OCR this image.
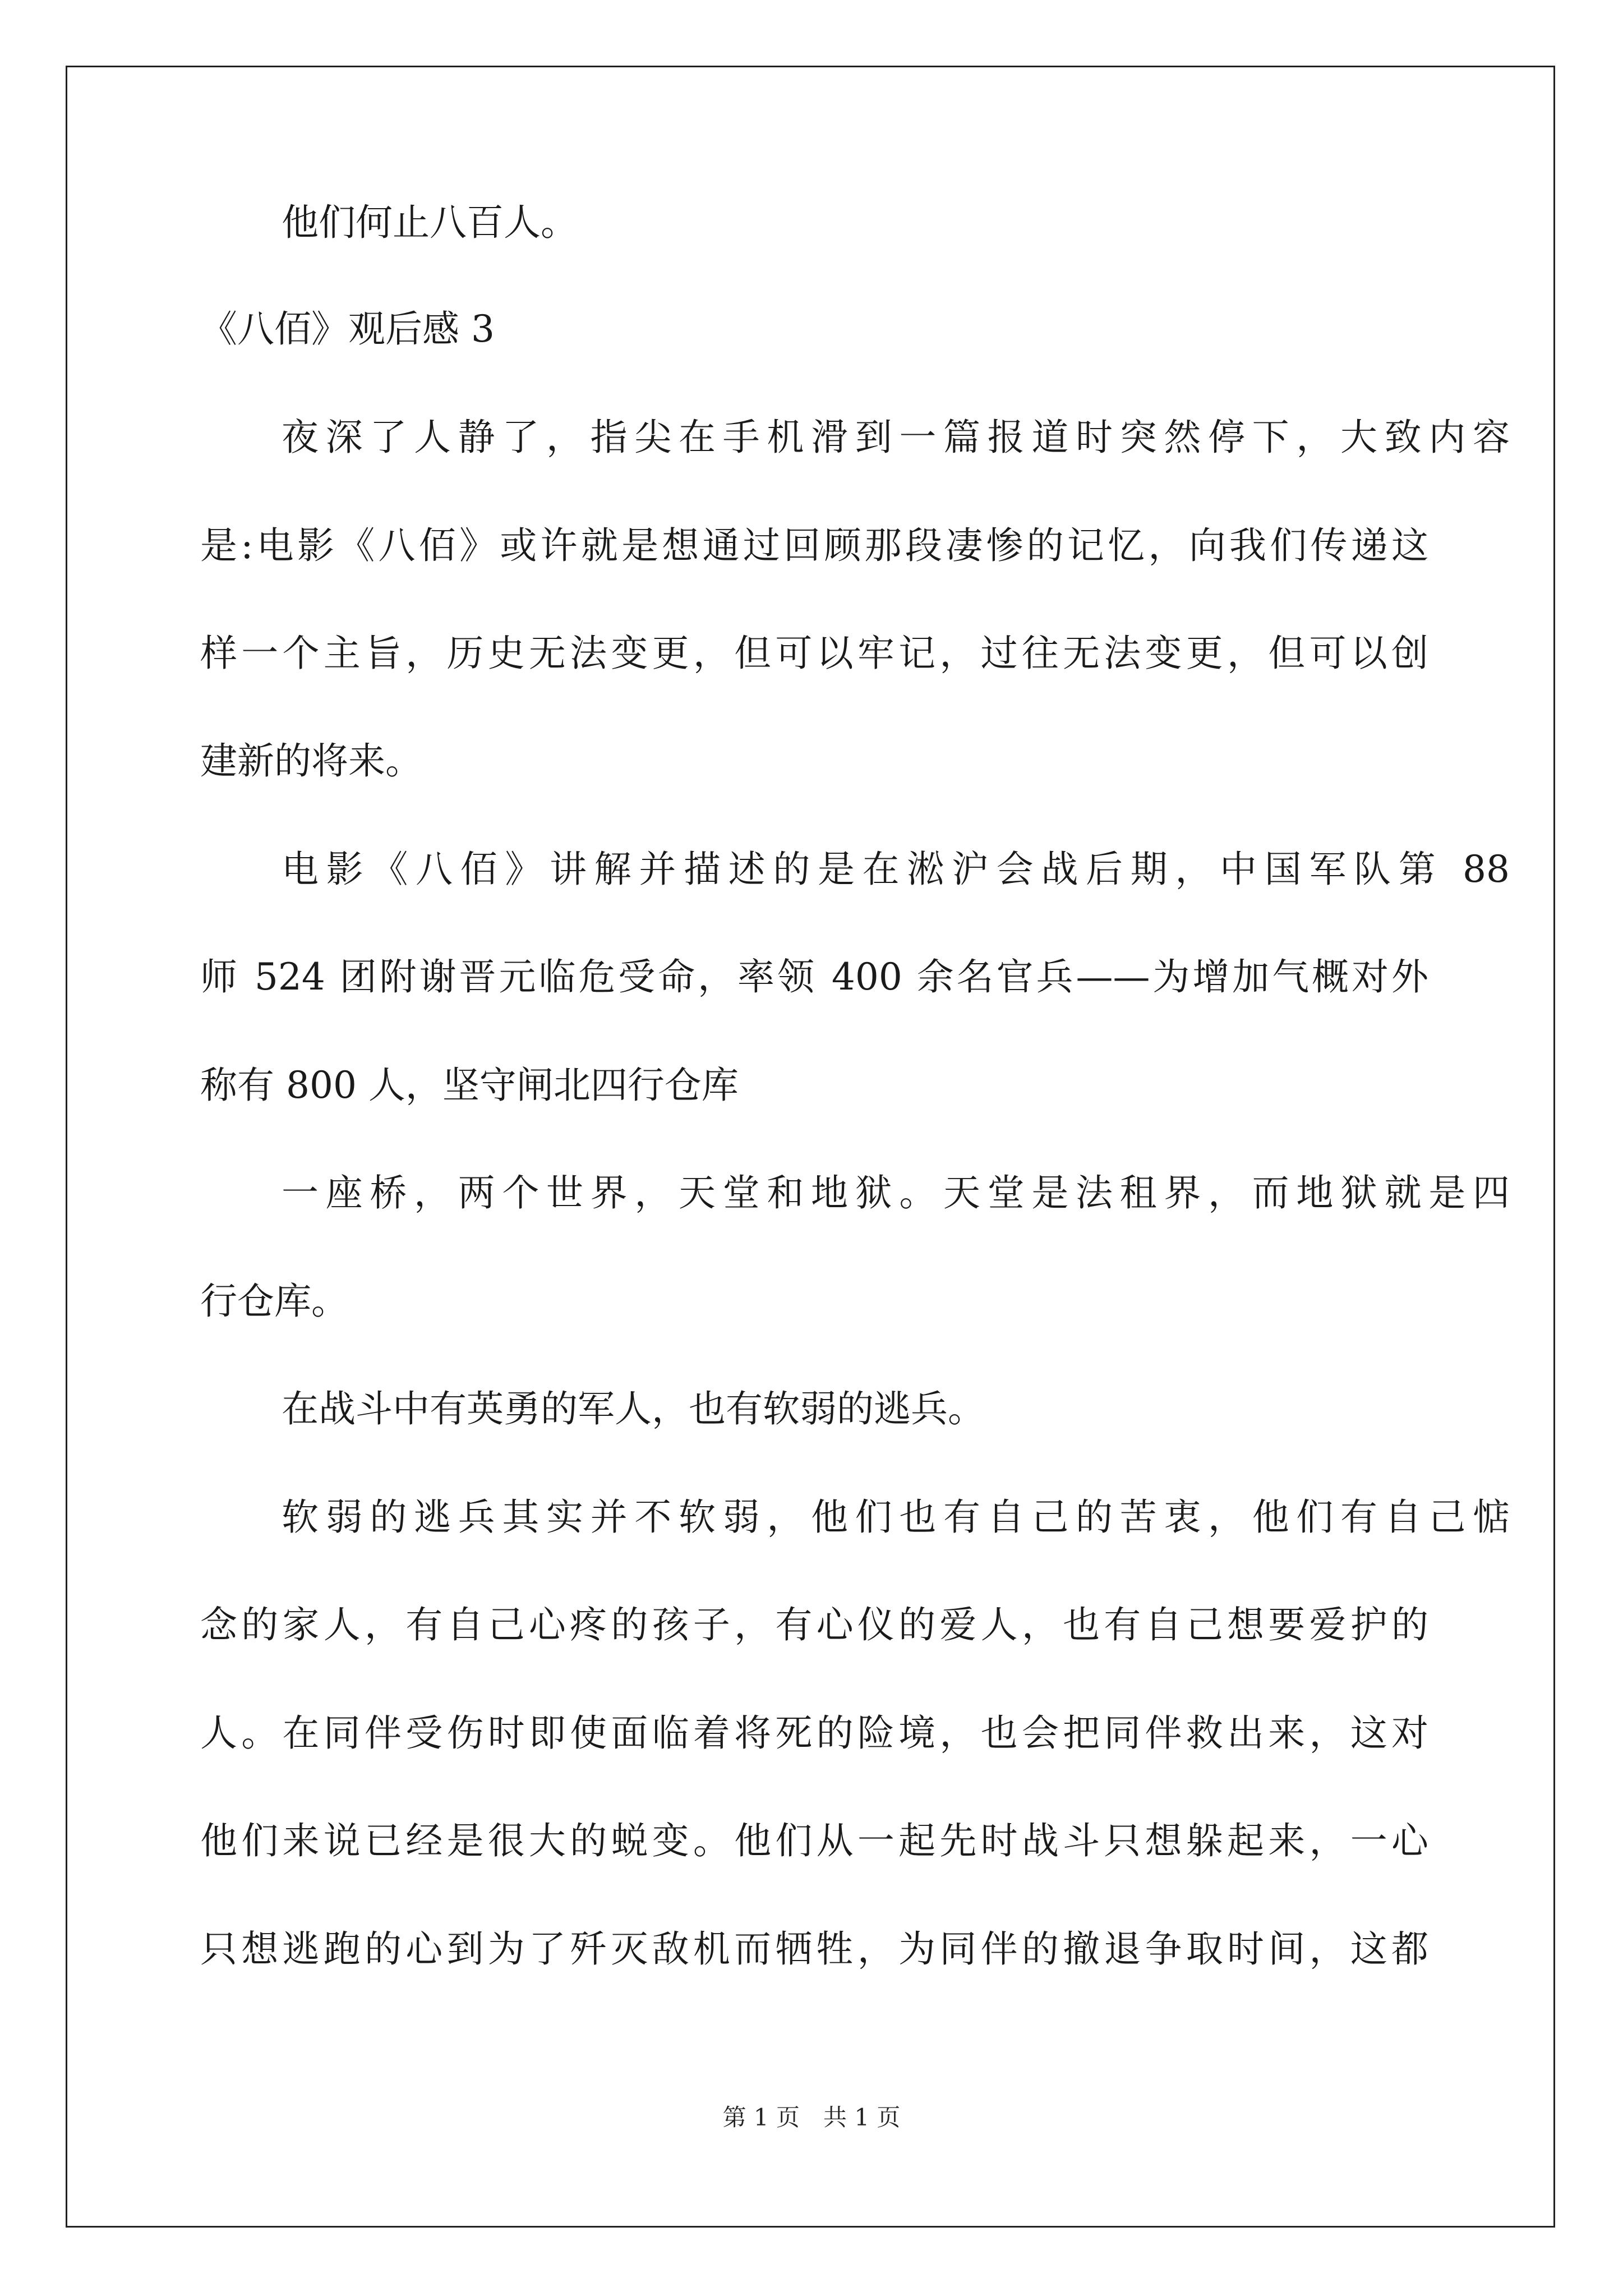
他们何止八百人。
《八佰》观后感 3
夜深了人静了，指尖在手机滑到一篇报道时突然停下，大致内容
是:电影《八佰》或许就是想通过回顾那段凄惨的记忆，向我们传递这
样一个主旨，历史无法变更，但可以牢记，过往无法变更，但可以创
建新的将来。
电影《八佰》讲解并描述的是在淞沪会战后期，中国军队第 88
师 524 团附谢晋元临危受命，率领 400 余名官兵——为增加气概对外
称有 800 人，坚守闸北四行仓库
一座桥，两个世界，天堂和地狱。天堂是法租界，而地狱就是四
行仓库。
在战斗中有英勇的军人，也有软弱的逃兵。
软弱的逃兵其实并不软弱，他们也有自己的苦衷，他们有自己惦
念的家人，有自己心疼的孩子，有心仪的爱人，也有自己想要爱护的
人。在同伴受伤时即使面临着将死的险境，也会把同伴救出来，这对
他们来说已经是很大的蜕变。他们从一起先时战斗只想躲起来，一心
只想逃跑的心到为了歼灭敌机而牺牲，为同伴的撤退争取时间，这都
第 1 页　共 1 页
